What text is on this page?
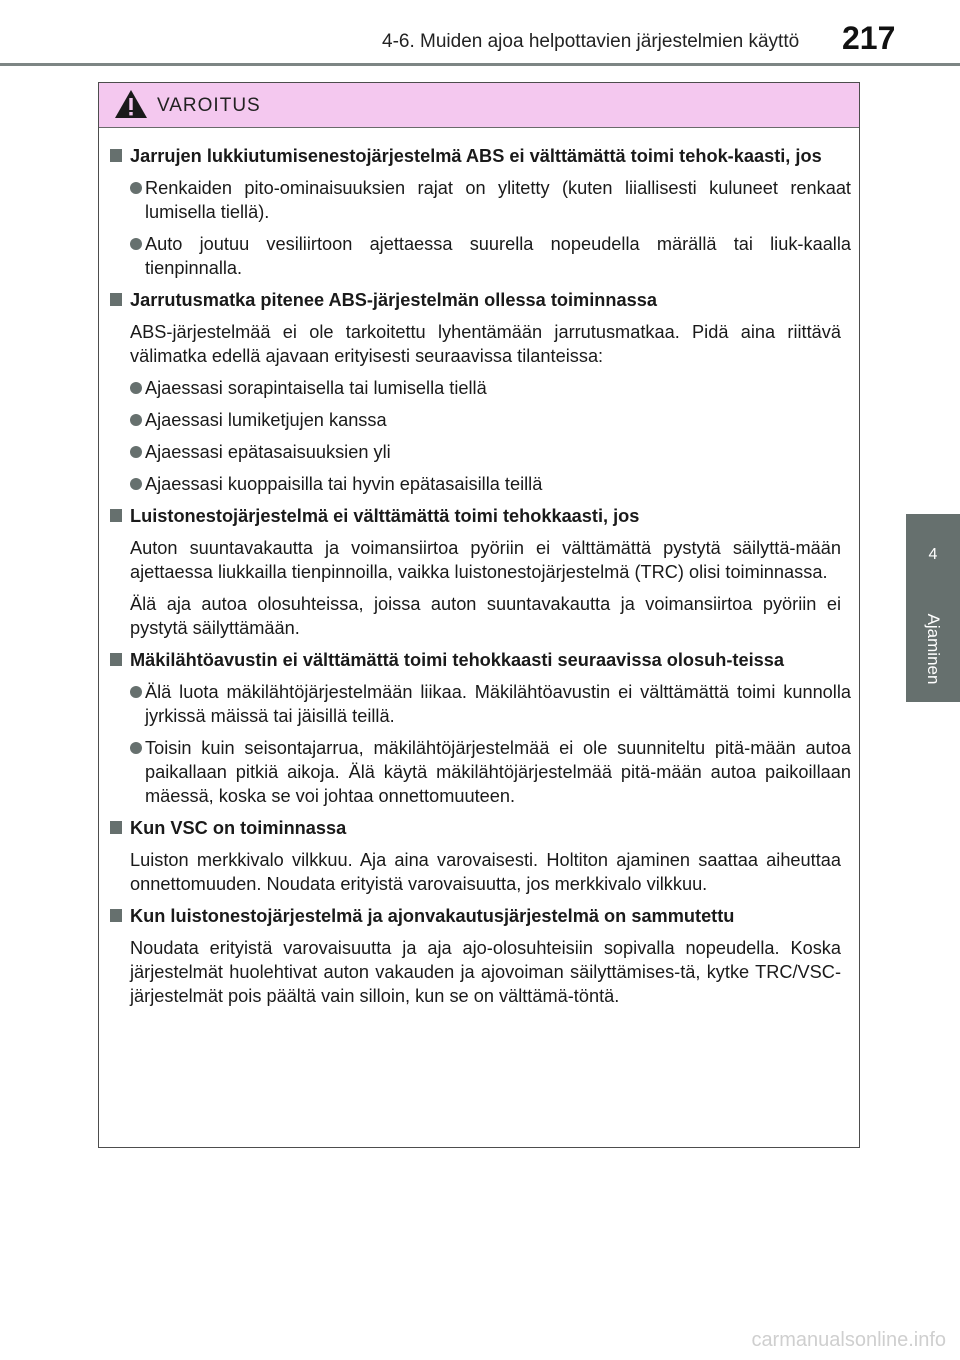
4-6. Muiden ajoa helpottavien järjestelmien käyttö 217
4
Ajaminen
VAROITUS
Jarrujen lukkiutumisenestojärjestelmä ABS ei välttämättä toimi tehok-kaasti, jos
Renkaiden pito-ominaisuuksien rajat on ylitetty (kuten liiallisesti kuluneet renkaat lumisella tiellä).
Auto joutuu vesiliirtoon ajettaessa suurella nopeudella märällä tai liuk-kaalla tienpinnalla.
Jarrutusmatka pitenee ABS-järjestelmän ollessa toiminnassa
ABS-järjestelmää ei ole tarkoitettu lyhentämään jarrutusmatkaa. Pidä aina riittävä välimatka edellä ajavaan erityisesti seuraavissa tilanteissa:
Ajaessasi sorapintaisella tai lumisella tiellä
Ajaessasi lumiketjujen kanssa
Ajaessasi epätasaisuuksien yli
Ajaessasi kuoppaisilla tai hyvin epätasaisilla teillä
Luistonestojärjestelmä ei välttämättä toimi tehokkaasti, jos
Auton suuntavakautta ja voimansiirtoa pyöriin ei välttämättä pystytä säilyttä-mään ajettaessa liukkailla tienpinnoilla, vaikka luistonestojärjestelmä (TRC) olisi toiminnassa.
Älä aja autoa olosuhteissa, joissa auton suuntavakautta ja voimansiirtoa pyöriin ei pystytä säilyttämään.
Mäkilähtöavustin ei välttämättä toimi tehokkaasti seuraavissa olosuh-teissa
Älä luota mäkilähtöjärjestelmään liikaa. Mäkilähtöavustin ei välttämättä toimi kunnolla jyrkissä mäissä tai jäisillä teillä.
Toisin kuin seisontajarrua, mäkilähtöjärjestelmää ei ole suunniteltu pitä-mään autoa paikallaan pitkiä aikoja. Älä käytä mäkilähtöjärjestelmää pitä-mään autoa paikoillaan mäessä, koska se voi johtaa onnettomuuteen.
Kun VSC on toiminnassa
Luiston merkkivalo vilkkuu. Aja aina varovaisesti. Holtiton ajaminen saattaa aiheuttaa onnettomuuden. Noudata erityistä varovaisuutta, jos merkkivalo vilkkuu.
Kun luistonestojärjestelmä ja ajonvakautusjärjestelmä on sammutettu
Noudata erityistä varovaisuutta ja aja ajo-olosuhteisiin sopivalla nopeudella. Koska järjestelmät huolehtivat auton vakauden ja ajovoiman säilyttämises-tä, kytke TRC/VSC-järjestelmät pois päältä vain silloin, kun se on välttämä-töntä.
carmanualsonline.info
